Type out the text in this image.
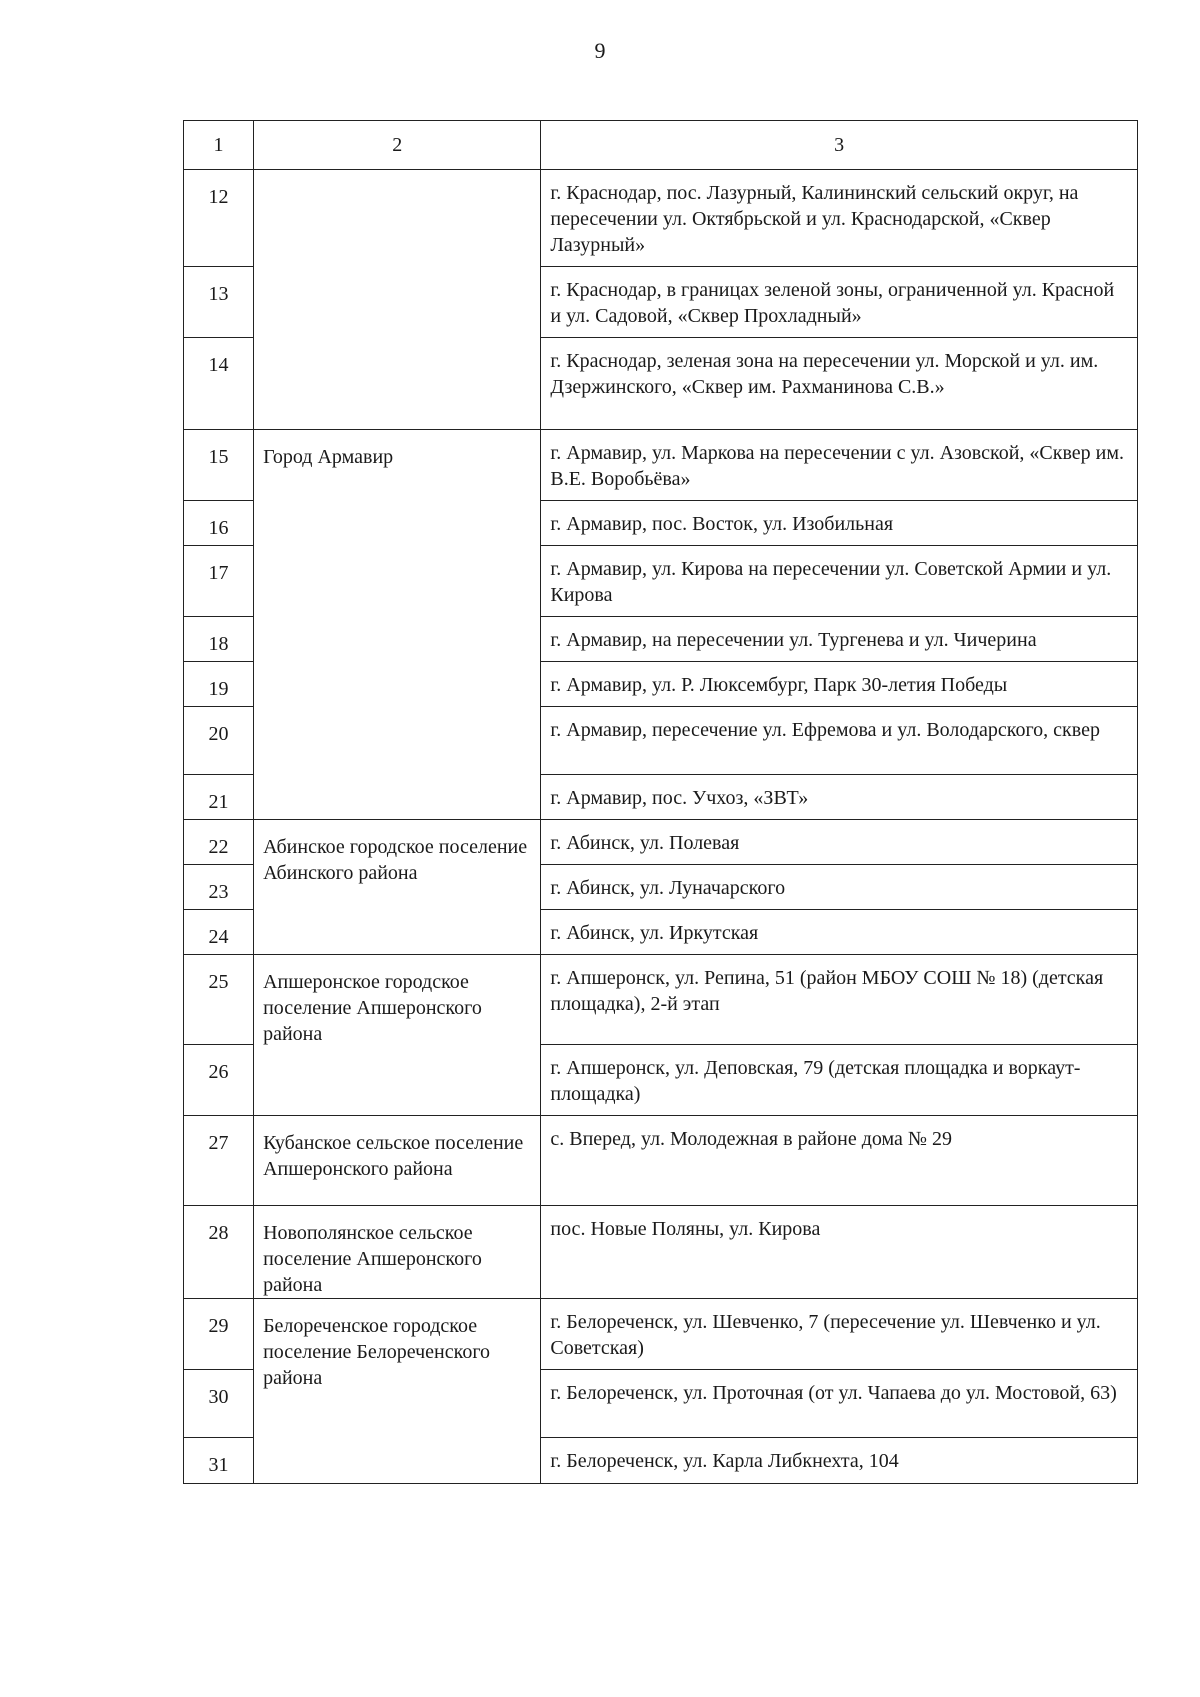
9
1	2	3
12		г. Краснодар, пос. Лазурный, Калининский сельский округ, на пересечении ул. Октябрьской и ул. Краснодарской, «Сквер Лазурный»
13		г. Краснодар, в границах зеленой зоны, ограниченной ул. Красной и ул. Садовой, «Сквер Прохладный»
14		г. Краснодар, зеленая зона на пересечении ул. Морской и ул. им. Дзержинского, «Сквер им. Рахманинова С.В.»
15	Город Армавир	г. Армавир, ул. Маркова на пересечении с ул. Азовской, «Сквер им. В.Е. Воробьёва»
16		г. Армавир, пос. Восток, ул. Изобильная
17		г. Армавир, ул. Кирова на пересечении ул. Советской Армии и ул. Кирова
18		г. Армавир, на пересечении ул. Тургенева и ул. Чичерина
19		г. Армавир, ул. Р. Люксембург, Парк 30-летия Победы
20		г. Армавир, пересечение ул. Ефремова и ул. Володарского, сквер
21		г. Армавир, пос. Учхоз, «ЗВТ»
22	Абинское городское поселение Абинского района	г. Абинск, ул. Полевая
23		г. Абинск, ул. Луначарского
24		г. Абинск, ул. Иркутская
25	Апшеронское городское поселение Апшеронского района	г. Апшеронск, ул. Репина, 51 (район МБОУ СОШ № 18) (детская площадка), 2-й этап
26		г. Апшеронск, ул. Деповская, 79 (детская площадка и воркаут-площадка)
27	Кубанское сельское поселение Апшеронского района	с. Вперед, ул. Молодежная в районе дома № 29
28	Новополянское сельское поселение Апшеронского района	пос. Новые Поляны, ул. Кирова
29	Белореченское городское поселение Белореченского района	г. Белореченск, ул. Шевченко, 7 (пересечение ул. Шевченко и ул. Советская)
30		г. Белореченск, ул. Проточная (от ул. Чапаева до ул. Мостовой, 63)
31		г. Белореченск, ул. Карла Либкнехта, 104
